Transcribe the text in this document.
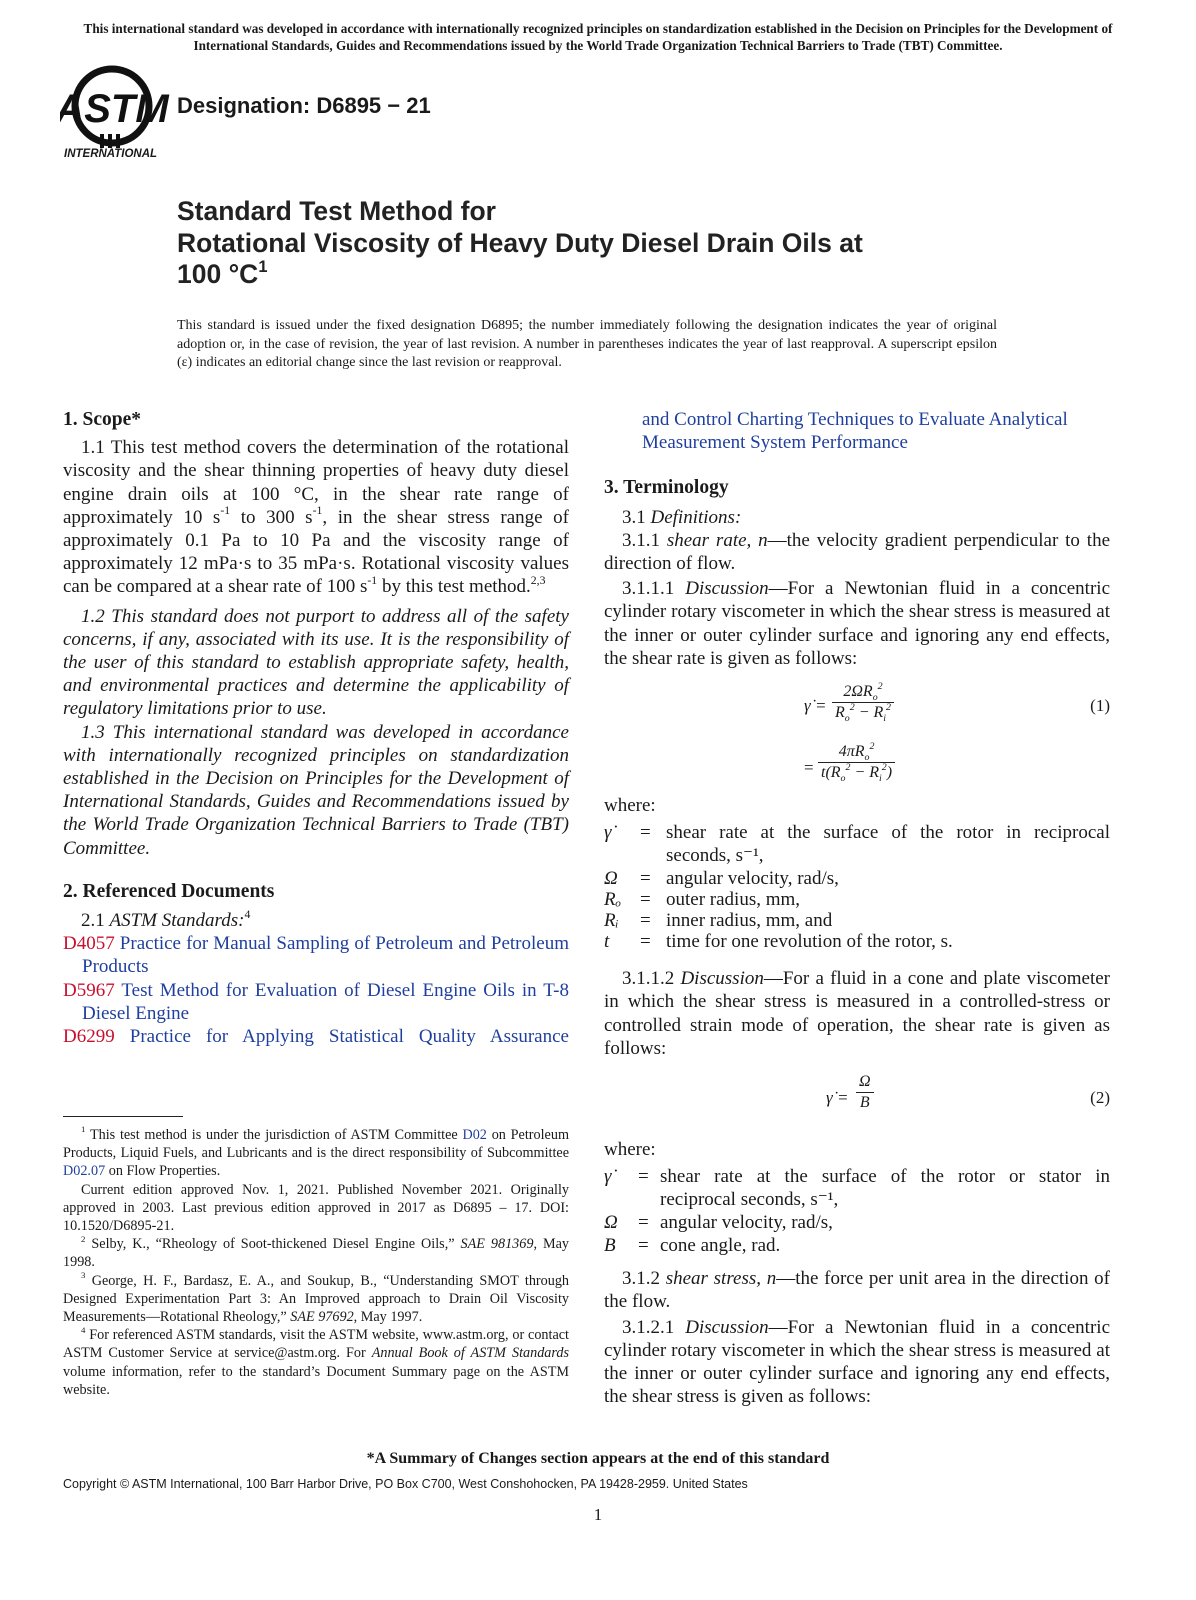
This international standard was developed in accordance with internationally recognized principles on standardization established in the Decision on Principles for the Development of International Standards, Guides and Recommendations issued by the World Trade Organization Technical Barriers to Trade (TBT) Committee.
ASTM
INTERNATIONAL
Designation: D6895 − 21
Standard Test Method for
Rotational Viscosity of Heavy Duty Diesel Drain Oils at
100 $^\circ C^1$
This standard is issued under the fixed designation D6895; the number immediately following the designation indicates the year of original adoption or, in the case of revision, the year of last revision. A number in parentheses indicates the year of last reapproval. A superscript epsilon (ε) indicates an editorial change since the last revision or reapproval.
1. Scope*

1.1 This test method covers the determination of the rotational viscosity and the shear thinning properties of heavy duty diesel engine drain oils at 100 °C, in the shear rate range of approximately 10 $s^{-1}$ to 300 $s^{-1}$, in the shear stress range of approximately 0.1 Pa to 10 Pa and the viscosity range of approximately 12 mPa·s to 35 mPa·s. Rotational viscosity values can be compared at a shear rate of 100 $s^{-1}$ by this test method.$^{2,3}$

1.2 This standard does not purport to address all of the safety concerns, if any, associated with its use. It is the responsibility of the user of this standard to establish appropriate safety, health, and environmental practices and determine the applicability of regulatory limitations prior to use.

1.3 This international standard was developed in accordance with internationally recognized principles on standardization established in the Decision on Principles for the Development of International Standards, Guides and Recommendations issued by the World Trade Organization Technical Barriers to Trade (TBT) Committee.

2. Referenced Documents

2.1 ASTM Standards:$^4$

D4057 Practice for Manual Sampling of Petroleum and Petroleum Products

D5967 Test Method for Evaluation of Diesel Engine Oils in T-8 Diesel Engine

D6299 Practice for Applying Statistical Quality Assurance

$^1$ This test method is under the jurisdiction of ASTM Committee D02 on Petroleum Products, Liquid Fuels, and Lubricants and is the direct responsibility of Subcommittee D02.07 on Flow Properties.

Current edition approved Nov. 1, 2021. Published November 2021. Originally approved in 2003. Last previous edition approved in 2017 as D6895 – 17. DOI: 10.1520/D6895-21.

$^2$ Selby, K., “Rheology of Soot-thickened Diesel Engine Oils,” SAE 981369, May 1998.

$^3$ George, H. F., Bardasz, E. A., and Soukup, B., “Understanding SMOT through Designed Experimentation Part 3: An Improved approach to Drain Oil Viscosity Measurements—Rotational Rheology,” SAE 97692, May 1997.

$^4$ For referenced ASTM standards, visit the ASTM website, www.astm.org, or contact ASTM Customer Service at service@astm.org. For Annual Book of ASTM Standards volume information, refer to the standard’s Document Summary page on the ASTM website.

and Control Charting Techniques to Evaluate Analytical Measurement System Performance

3. Terminology

3.1 Definitions:

3.1.1 shear rate, n—the velocity gradient perpendicular to the direction of flow.

3.1.1.1 Discussion—For a Newtonian fluid in a concentric cylinder rotary viscometer in which the shear stress is measured at the inner or outer cylinder surface and ignoring any end effects, the shear rate is given as follows:

γ̇ =
$2\Omega R_o^2$
$R_o^2 - R_i^2$	(1)
=
$4\pi R_o^2$
$t(R_o^2 - R_i^2)$

where:

γ̇ = shear rate at the surface of the rotor in reciprocal
seconds, s⁻¹,
Ω = angular velocity, rad/s,
Rₒ = outer radius, mm,
Rᵢ = inner radius, mm, and
t = time for one revolution of the rotor, s.

3.1.1.2 Discussion—For a fluid in a cone and plate viscometer in which the shear stress is measured in a controlled-stress or controlled strain mode of operation, the shear rate is given as follows:

γ̇ = $\frac{\Omega}{B}$	(2)

where:

γ̇ = shear rate at the surface of the rotor or stator in
reciprocal seconds, s⁻¹,
Ω = angular velocity, rad/s,
B = cone angle, rad.

3.1.2 shear stress, n—the force per unit area in the direction of the flow.

3.1.2.1 Discussion—For a Newtonian fluid in a concentric cylinder rotary viscometer in which the shear stress is measured at the inner or outer cylinder surface and ignoring any end effects, the shear stress is given as follows:

*A Summary of Changes section appears at the end of this standard
Copyright © ASTM International, 100 Barr Harbor Drive, PO Box C700, West Conshohocken, PA 19428-2959. United States
1
